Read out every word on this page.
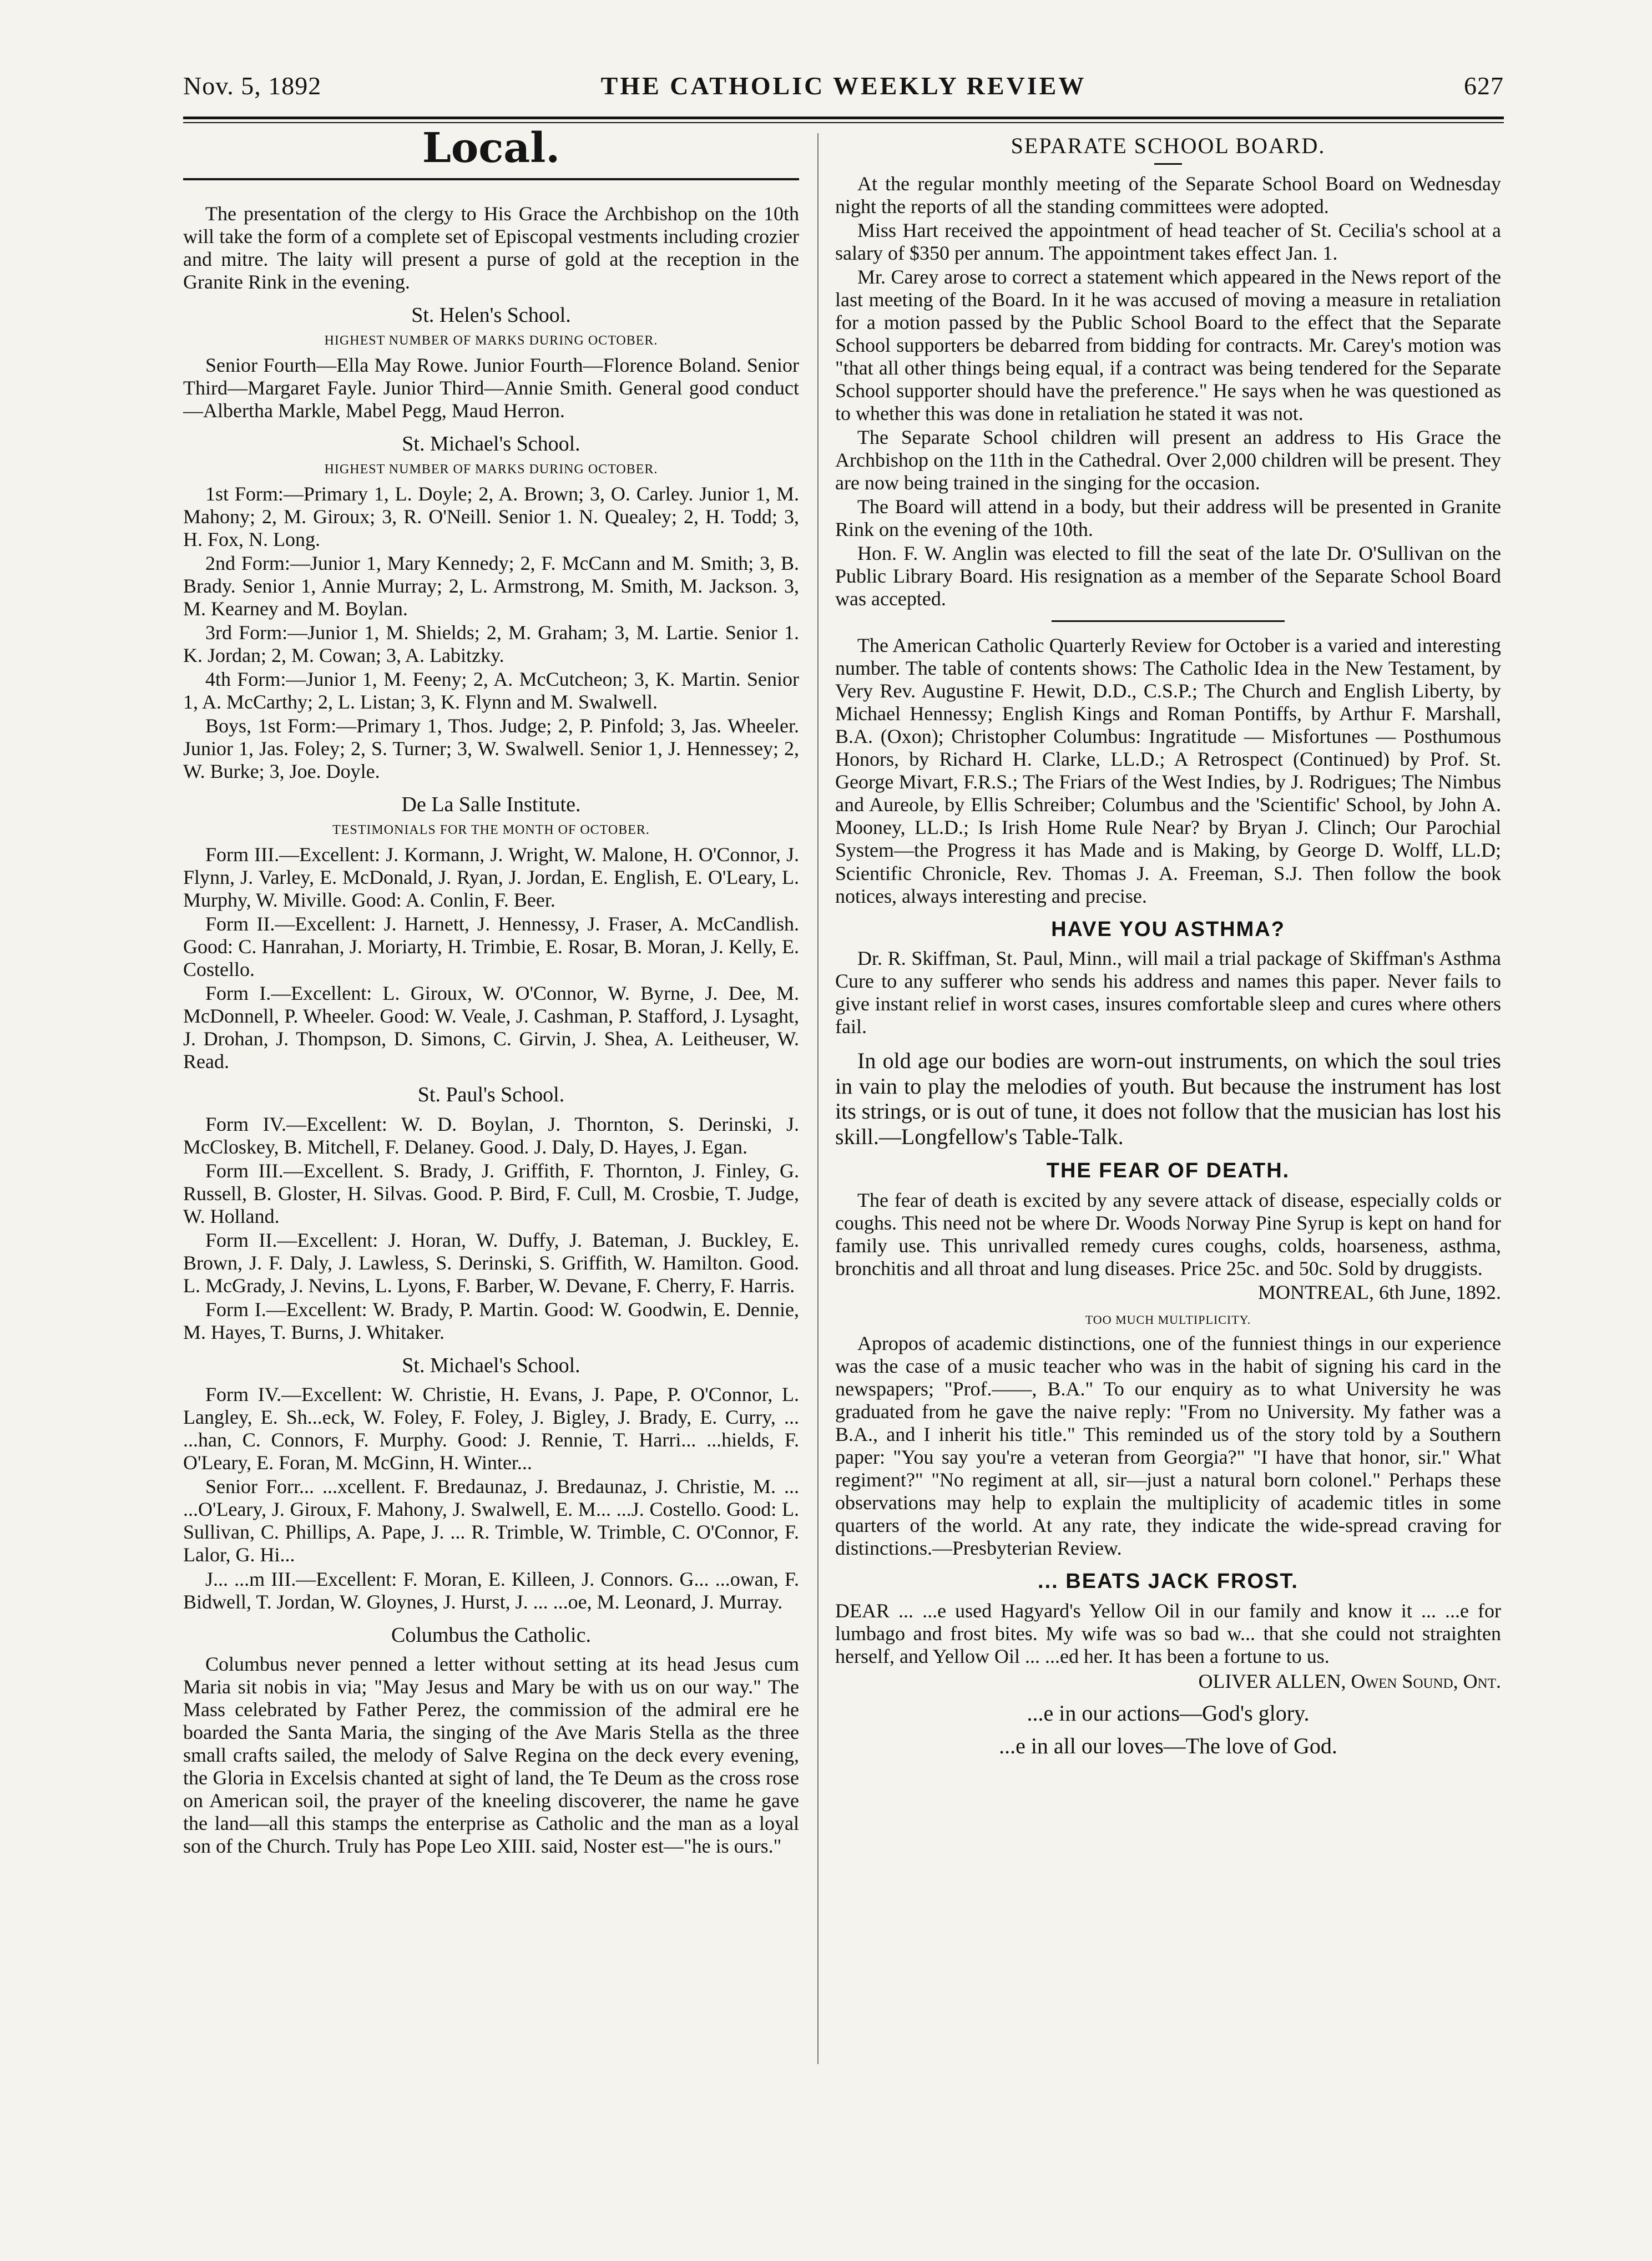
Nov. 5, 1892	THE CATHOLIC WEEKLY REVIEW	627
Local.

The presentation of the clergy to His Grace the Archbishop on the 10th will take the form of a complete set of Episcopal vestments including crozier and mitre. The laity will present a purse of gold at the reception in the Granite Rink in the evening.

St. Helen's School.
HIGHEST NUMBER OF MARKS DURING OCTOBER.

Senior Fourth—Ella May Rowe. Junior Fourth—Florence Boland. Senior Third—Margaret Fayle. Junior Third—Annie Smith. General good conduct—Albertha Markle, Mabel Pegg, Maud Herron.

St. Michael's School.
HIGHEST NUMBER OF MARKS DURING OCTOBER.

1st Form:—Primary 1, L. Doyle; 2, A. Brown; 3, O. Carley. Junior 1, M. Mahony; 2, M. Giroux; 3, R. O'Neill. Senior 1. N. Quealey; 2, H. Todd; 3, H. Fox, N. Long.

2nd Form:—Junior 1, Mary Kennedy; 2, F. McCann and M. Smith; 3, B. Brady. Senior 1, Annie Murray; 2, L. Armstrong, M. Smith, M. Jackson. 3, M. Kearney and M. Boylan.

3rd Form:—Junior 1, M. Shields; 2, M. Graham; 3, M. Lartie. Senior 1. K. Jordan; 2, M. Cowan; 3, A. Labitzky.

4th Form:—Junior 1, M. Feeny; 2, A. McCutcheon; 3, K. Martin. Senior 1, A. McCarthy; 2, L. Listan; 3, K. Flynn and M. Swalwell.

Boys, 1st Form:—Primary 1, Thos. Judge; 2, P. Pinfold; 3, Jas. Wheeler. Junior 1, Jas. Foley; 2, S. Turner; 3, W. Swalwell. Senior 1, J. Hennessey; 2, W. Burke; 3, Joe. Doyle.

De La Salle Institute.
TESTIMONIALS FOR THE MONTH OF OCTOBER.

Form III.—Excellent: J. Kormann, J. Wright, W. Malone, H. O'Connor, J. Flynn, J. Varley, E. McDonald, J. Ryan, J. Jordan, E. English, E. O'Leary, L. Murphy, W. Miville. Good: A. Conlin, F. Beer.

Form II.—Excellent: J. Harnett, J. Hennessy, J. Fraser, A. McCandlish. Good: C. Hanrahan, J. Moriarty, H. Trimbie, E. Rosar, B. Moran, J. Kelly, E. Costello.

Form I.—Excellent: L. Giroux, W. O'Connor, W. Byrne, J. Dee, M. McDonnell, P. Wheeler. Good: W. Veale, J. Cashman, P. Stafford, J. Lysaght, J. Drohan, J. Thompson, D. Simons, C. Girvin, J. Shea, A. Leitheuser, W. Read.

St. Paul's School.

Form IV.—Excellent: W. D. Boylan, J. Thornton, S. Derinski, J. McCloskey, B. Mitchell, F. Delaney. Good. J. Daly, D. Hayes, J. Egan.

Form III.—Excellent. S. Brady, J. Griffith, F. Thornton, J. Finley, G. Russell, B. Gloster, H. Silvas. Good. P. Bird, F. Cull, M. Crosbie, T. Judge, W. Holland.

Form II.—Excellent: J. Horan, W. Duffy, J. Bateman, J. Buckley, E. Brown, J. F. Daly, J. Lawless, S. Derinski, S. Griffith, W. Hamilton. Good. L. McGrady, J. Nevins, L. Lyons, F. Barber, W. Devane, F. Cherry, F. Harris.

Form I.—Excellent: W. Brady, P. Martin. Good: W. Goodwin, E. Dennie, M. Hayes, T. Burns, J. Whitaker.

St. Michael's School.

Form IV.—Excellent: W. Christie, H. Evans, J. Pape, P. O'Connor, L. Langley, E. Sh...eck, W. Foley, F. Foley, J. Bigley, J. Brady, E. Curry, ... ...han, C. Connors, F. Murphy. Good: J. Rennie, T. Harri... ...hields, F. O'Leary, E. Foran, M. McGinn, H. Winter...

Senior Forr... ...xcellent. F. Bredaunaz, J. Bredaunaz, J. Christie, M. ... ...O'Leary, J. Giroux, F. Mahony, J. Swalwell, E. M... ...J. Costello. Good: L. Sullivan, C. Phillips, A. Pape, J. ... R. Trimble, W. Trimble, C. O'Connor, F. Lalor, G. Hi...

J... ...m III.—Excellent: F. Moran, E. Killeen, J. Connors. G... ...owan, F. Bidwell, T. Jordan, W. Gloynes, J. Hurst, J. ... ...oe, M. Leonard, J. Murray.

Columbus the Catholic.

Columbus never penned a letter without setting at its head Jesus cum Maria sit nobis in via; "May Jesus and Mary be with us on our way." The Mass celebrated by Father Perez, the commission of the admiral ere he boarded the Santa Maria, the singing of the Ave Maris Stella as the three small crafts sailed, the melody of Salve Regina on the deck every evening, the Gloria in Excelsis chanted at sight of land, the Te Deum as the cross rose on American soil, the prayer of the kneeling discoverer, the name he gave the land—all this stamps the enterprise as Catholic and the man as a loyal son of the Church. Truly has Pope Leo XIII. said, Noster est—"he is ours."

SEPARATE SCHOOL BOARD.

At the regular monthly meeting of the Separate School Board on Wednesday night the reports of all the standing committees were adopted.

Miss Hart received the appointment of head teacher of St. Cecilia's school at a salary of $350 per annum. The appointment takes effect Jan. 1.

Mr. Carey arose to correct a statement which appeared in the News report of the last meeting of the Board. In it he was accused of moving a measure in retaliation for a motion passed by the Public School Board to the effect that the Separate School supporters be debarred from bidding for contracts. Mr. Carey's motion was "that all other things being equal, if a contract was being tendered for the Separate School supporter should have the preference." He says when he was questioned as to whether this was done in retaliation he stated it was not.

The Separate School children will present an address to His Grace the Archbishop on the 11th in the Cathedral. Over 2,000 children will be present. They are now being trained in the singing for the occasion.

The Board will attend in a body, but their address will be presented in Granite Rink on the evening of the 10th.

Hon. F. W. Anglin was elected to fill the seat of the late Dr. O'Sullivan on the Public Library Board. His resignation as a member of the Separate School Board was accepted.

The American Catholic Quarterly Review for October is a varied and interesting number. The table of contents shows: The Catholic Idea in the New Testament, by Very Rev. Augustine F. Hewit, D.D., C.S.P.; The Church and English Liberty, by Michael Hennessy; English Kings and Roman Pontiffs, by Arthur F. Marshall, B.A. (Oxon); Christopher Columbus: Ingratitude — Misfortunes — Posthumous Honors, by Richard H. Clarke, LL.D.; A Retrospect (Continued) by Prof. St. George Mivart, F.R.S.; The Friars of the West Indies, by J. Rodrigues; The Nimbus and Aureole, by Ellis Schreiber; Columbus and the 'Scientific' School, by John A. Mooney, LL.D.; Is Irish Home Rule Near? by Bryan J. Clinch; Our Parochial System—the Progress it has Made and is Making, by George D. Wolff, LL.D; Scientific Chronicle, Rev. Thomas J. A. Freeman, S.J. Then follow the book notices, always interesting and precise.

HAVE YOU ASTHMA?

Dr. R. Skiffman, St. Paul, Minn., will mail a trial package of Skiffman's Asthma Cure to any sufferer who sends his address and names this paper. Never fails to give instant relief in worst cases, insures comfortable sleep and cures where others fail.

In old age our bodies are worn-out instruments, on which the soul tries in vain to play the melodies of youth. But because the instrument has lost its strings, or is out of tune, it does not follow that the musician has lost his skill.—Longfellow's Table-Talk.

THE FEAR OF DEATH.

The fear of death is excited by any severe attack of disease, especially colds or coughs. This need not be where Dr. Woods Norway Pine Syrup is kept on hand for family use. This unrivalled remedy cures coughs, colds, hoarseness, asthma, bronchitis and all throat and lung diseases. Price 25c. and 50c. Sold by druggists.

MONTREAL, 6th June, 1892.
TOO MUCH MULTIPLICITY.

Apropos of academic distinctions, one of the funniest things in our experience was the case of a music teacher who was in the habit of signing his card in the newspapers; "Prof.——, B.A." To our enquiry as to what University he was graduated from he gave the naive reply: "From no University. My father was a B.A., and I inherit his title." This reminded us of the story told by a Southern paper: "You say you're a veteran from Georgia?" "I have that honor, sir." What regiment?" "No regiment at all, sir—just a natural born colonel." Perhaps these observations may help to explain the multiplicity of academic titles in some quarters of the world. At any rate, they indicate the wide-spread craving for distinctions.—Presbyterian Review.

... BEATS JACK FROST.

DEAR ... ...e used Hagyard's Yellow Oil in our family and know it ... ...e for lumbago and frost bites. My wife was so bad w... that she could not straighten herself, and Yellow Oil ... ...ed her. It has been a fortune to us.

OLIVER ALLEN, Owen Sound, Ont.
...e in our actions—God's glory.
...e in all our loves—The love of God.
